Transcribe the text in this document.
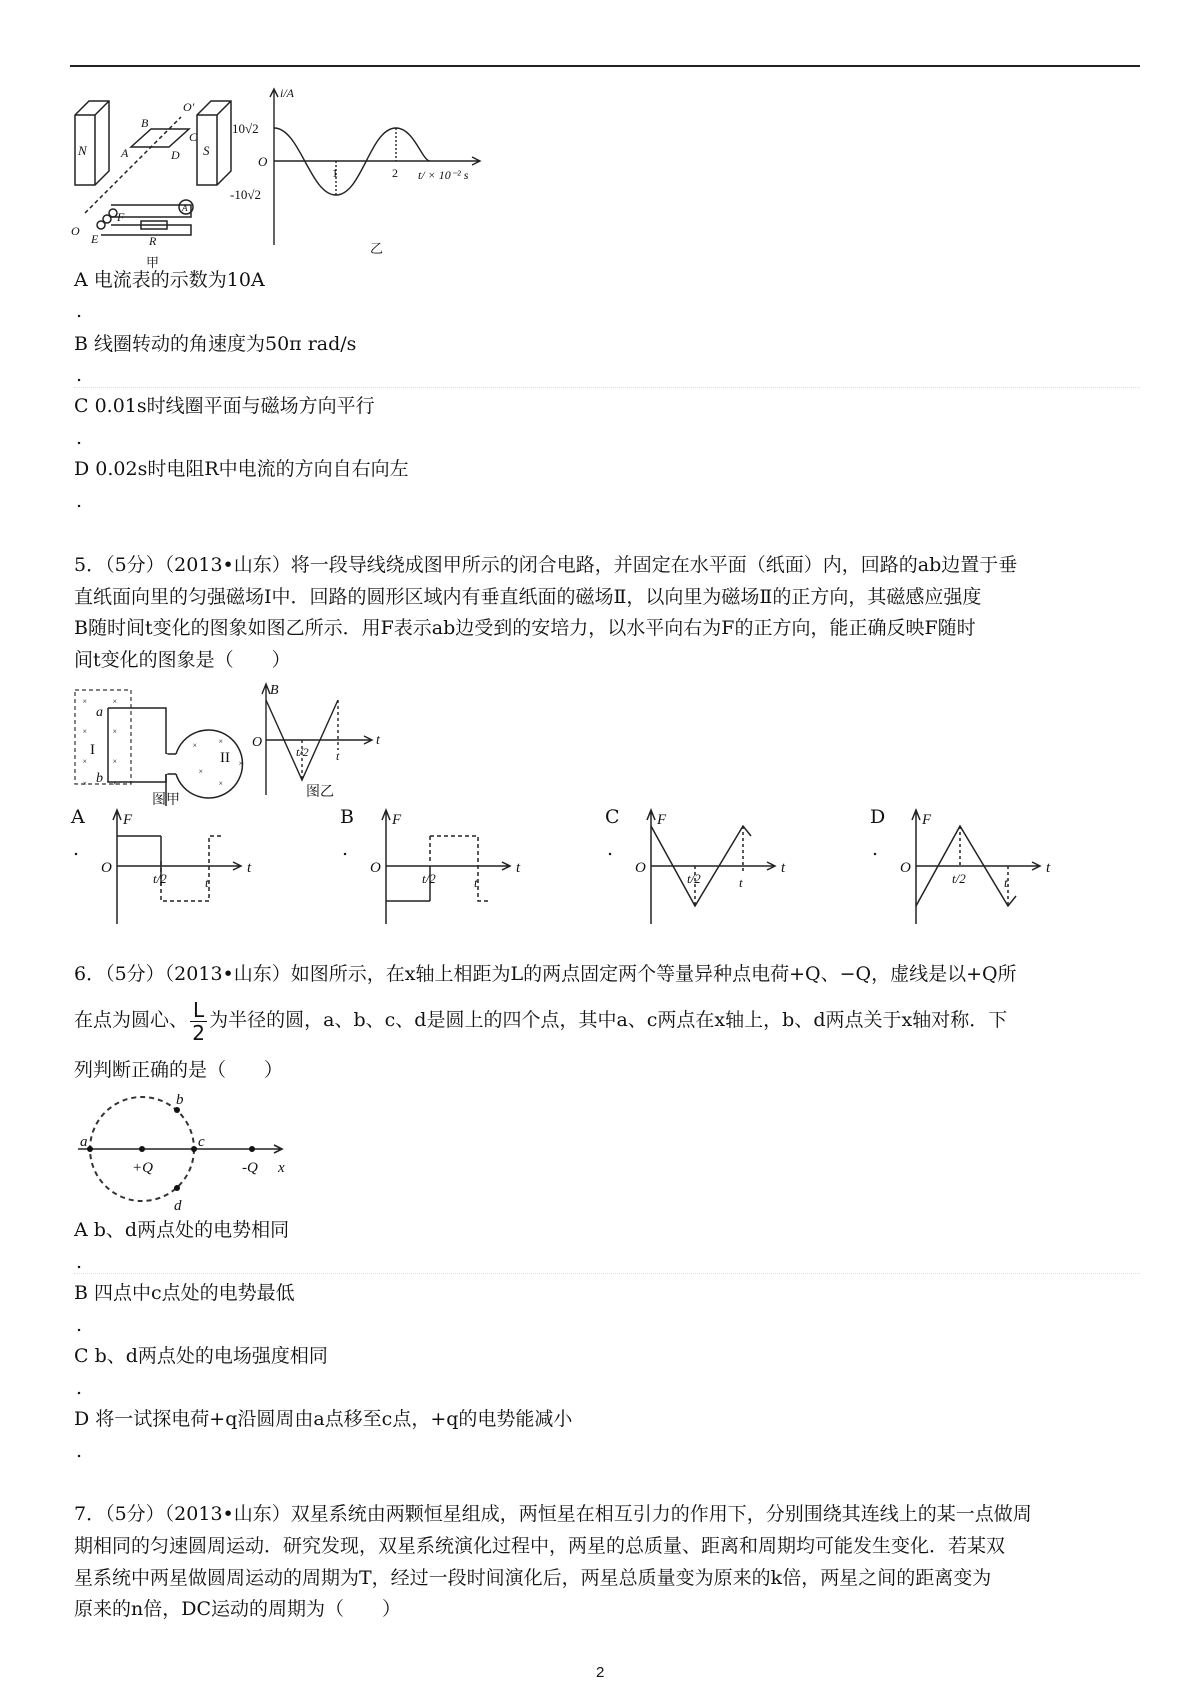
N	S
A
B
C
D
O'
O
E
F
R
A
甲
i/A
10√2
-10√2
O
1	2 t/ × 10⁻² s
乙
A 电流表的示数为10A
.
B 线圈转动的角速度为50π rad/s
.
C 0.01s时线圈平面与磁场方向平行
.
D 0.02s时电阻R中电流的方向自右向左
.
5．（5分）（2013•山东）将一段导线绕成图甲所示的闭合电路，并固定在水平面（纸面）内，回路的ab边置于垂
直纸面向里的匀强磁场Ⅰ中．回路的圆形区域内有垂直纸面的磁场Ⅱ，以向里为磁场Ⅱ的正方向，其磁感应强度
B随时间t变化的图象如图乙所示．用F表示ab边受到的安培力，以水平向右为F的正方向，能正确反映F随时
间t变化的图象是（　　）
×	×
×	×
×	×
×	×
×
×
×
×
×
a
b
I	II
图甲
B
O	t
t/2 t
图乙
A
.
F
O	t
t/2	t
B
.
F
O	t
t/2	t
C
.
F
O	t
t/2	t
D
.
F
O	t
t/2	t
6．（5分）（2013•山东）如图所示，在x轴上相距为L的两点固定两个等量异种点电荷+Q、−Q，虚线是以+Q所
在点为圆心、 $\frac{L}{2}$ 为半径的圆，a、b、c、d是圆上的四个点，其中a、c两点在x轴上，b、d两点关于x轴对称．下
列判断正确的是（　　）
a
b
c
d
+Q	-Q x
A b、d两点处的电势相同
.
B 四点中c点处的电势最低
.
C b、d两点处的电场强度相同
.
D 将一试探电荷+q沿圆周由a点移至c点，+q的电势能减小
.
7．（5分）（2013•山东）双星系统由两颗恒星组成，两恒星在相互引力的作用下，分别围绕其连线上的某一点做周
期相同的匀速圆周运动．研究发现，双星系统演化过程中，两星的总质量、距离和周期均可能发生变化．若某双
星系统中两星做圆周运动的周期为T，经过一段时间演化后，两星总质量变为原来的k倍，两星之间的距离变为
原来的n倍，DC运动的周期为（　　）
2
